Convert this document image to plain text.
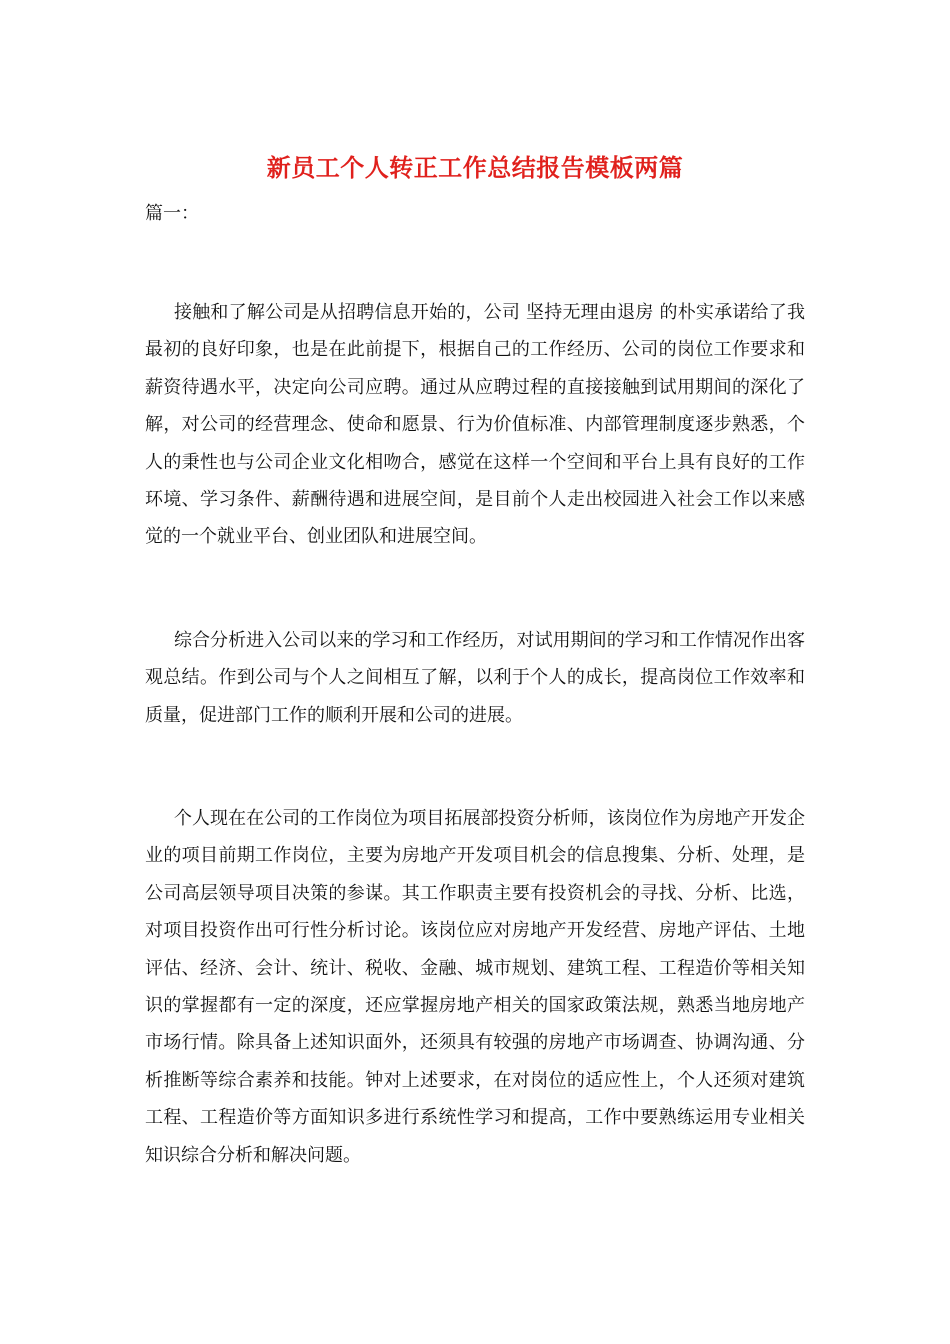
新员工个人转正工作总结报告模板两篇

篇一：

接触和了解公司是从招聘信息开始的，公司 坚持无理由退房 的朴实承诺给了我最初的良好印象，也是在此前提下，根据自己的工作经历、公司的岗位工作要求和薪资待遇水平，决定向公司应聘。通过从应聘过程的直接接触到试用期间的深化了解，对公司的经营理念、使命和愿景、行为价值标准、内部管理制度逐步熟悉，个人的秉性也与公司企业文化相吻合，感觉在这样一个空间和平台上具有良好的工作环境、学习条件、薪酬待遇和进展空间，是目前个人走出校园进入社会工作以来感觉的一个就业平台、创业团队和进展空间。

综合分析进入公司以来的学习和工作经历，对试用期间的学习和工作情况作出客观总结。作到公司与个人之间相互了解，以利于个人的成长，提高岗位工作效率和质量，促进部门工作的顺利开展和公司的进展。

个人现在在公司的工作岗位为项目拓展部投资分析师，该岗位作为房地产开发企业的项目前期工作岗位，主要为房地产开发项目机会的信息搜集、分析、处理，是公司高层领导项目决策的参谋。其工作职责主要有投资机会的寻找、分析、比选，对项目投资作出可行性分析讨论。该岗位应对房地产开发经营、房地产评估、土地评估、经济、会计、统计、税收、金融、城市规划、建筑工程、工程造价等相关知识的掌握都有一定的深度，还应掌握房地产相关的国家政策法规，熟悉当地房地产市场行情。除具备上述知识面外，还须具有较强的房地产市场调查、协调沟通、分析推断等综合素养和技能。钟对上述要求，在对岗位的适应性上，个人还须对建筑工程、工程造价等方面知识多进行系统性学习和提高，工作中要熟练运用专业相关知识综合分析和解决问题。
